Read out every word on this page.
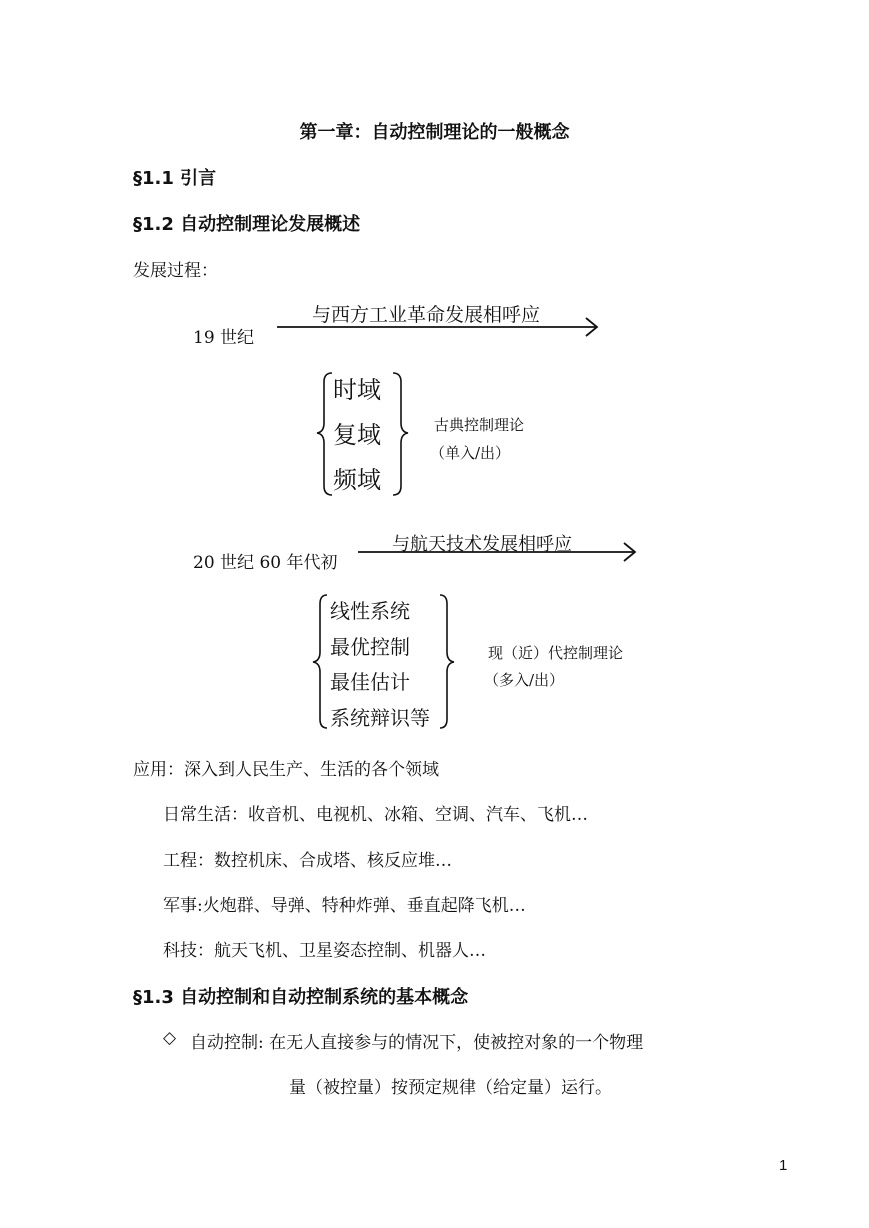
第一章：自动控制理论的一般概念
§1.1 引言
§1.2 自动控制理论发展概述
发展过程：
与西方工业革命发展相呼应
19 世纪
时域
复域
频域
古典控制理论
（单入/出）
与航天技术发展相呼应
20 世纪 60 年代初
线性系统
最优控制
最佳估计
系统辩识等
现（近）代控制理论
（多入/出）
应用：深入到人民生产、生活的各个领域
日常生活：收音机、电视机、冰箱、空调、汽车、飞机…
工程：数控机床、合成塔、核反应堆…
军事:火炮群、导弹、特种炸弹、垂直起降飞机…
科技：航天飞机、卫星姿态控制、机器人…
§1.3 自动控制和自动控制系统的基本概念
◇ 自动控制: 在无人直接参与的情况下，使被控对象的一个物理
量（被控量）按预定规律（给定量）运行。
1
